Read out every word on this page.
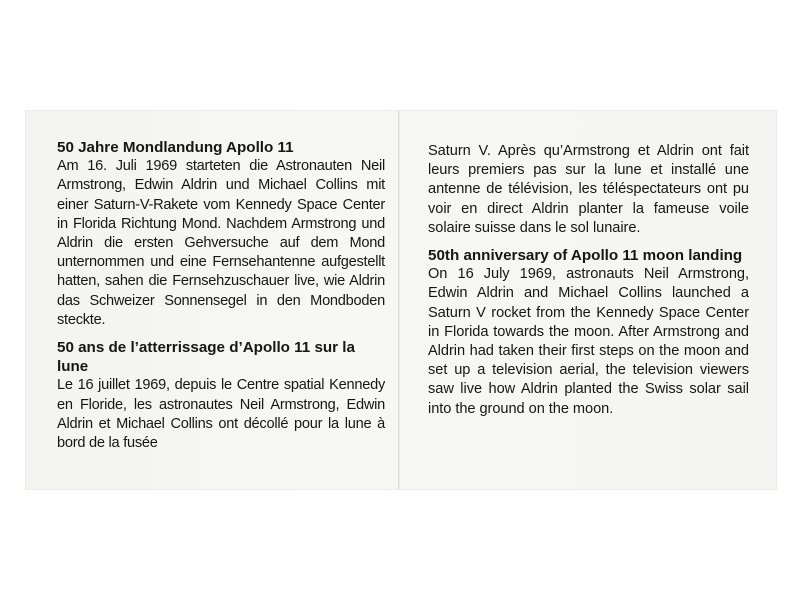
50 Jahre Mondlandung Apollo 11

Am 16. Juli 1969 starteten die Astronauten Neil Armstrong, Edwin Aldrin und Michael Collins mit einer Saturn-V-Rakete vom Kennedy Space Center in Florida Richtung Mond. Nachdem Armstrong und Aldrin die ersten Gehversuche auf dem Mond unternommen und eine Fernsehantenne aufgestellt hatten, sahen die Fernsehzuschauer live, wie Aldrin das Schweizer Sonnensegel in den Mondboden steckte.

50 ans de l’atterrissage d’Apollo 11 sur la lune

Le 16 juillet 1969, depuis le Centre spatial Kennedy en Floride, les astronautes Neil Armstrong, Edwin Aldrin et Michael Collins ont décollé pour la lune à bord de la fusée

Saturn V. Après qu’Armstrong et Aldrin ont fait leurs premiers pas sur la lune et installé une antenne de télévision, les téléspectateurs ont pu voir en direct Aldrin planter la fameuse voile solaire suisse dans le sol lunaire.

50th anniversary of Apollo 11 moon landing

On 16 July 1969, astronauts Neil Armstrong, Edwin Aldrin and Michael Collins launched a Saturn V rocket from the Kennedy Space Center in Florida towards the moon. After Armstrong and Aldrin had taken their first steps on the moon and set up a television aerial, the television viewers saw live how Aldrin planted the Swiss solar sail into the ground on the moon.
